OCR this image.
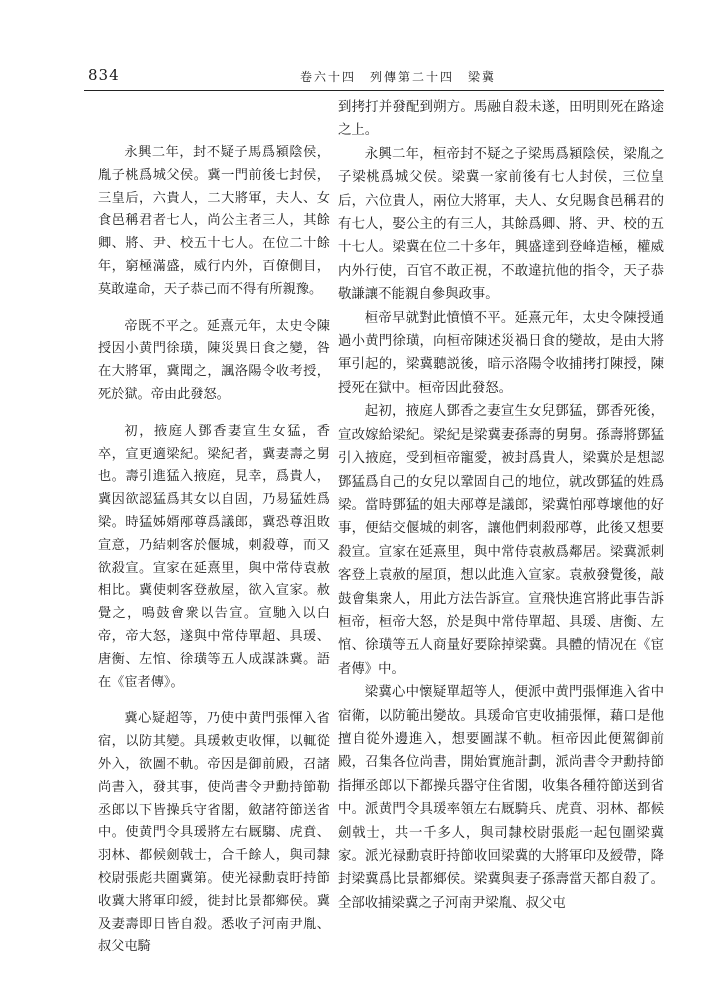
834	卷六十四　列傳第二十四　梁冀

永興二年，封不疑子馬爲潁陰侯，胤子桃爲城父侯。冀一門前後七封侯，三皇后，六貴人，二大將軍，夫人、女食邑稱君者七人，尚公主者三人，其餘卿、將、尹、校五十七人。在位二十餘年，窮極滿盛，威行内外，百僚側目，莫敢違命，天子恭己而不得有所親豫。

帝既不平之。延熹元年，太史令陳授因小黄門徐璜，陳災異日食之變，咎在大將軍，冀聞之，諷洛陽令收考授，死於獄。帝由此發怒。

初，掖庭人鄧香妻宣生女猛，香卒，宣更適梁紀。梁紀者，冀妻壽之舅也。壽引進猛入掖庭，見幸，爲貴人，冀因欲認猛爲其女以自固，乃易猛姓爲梁。時猛姊婿邴尊爲議郎，冀恐尊沮敗宣意，乃結刺客於偃城，刺殺尊，而又欲殺宣。宣家在延熹里，與中常侍袁赦相比。冀使刺客登赦屋，欲入宣家。赦覺之，鳴鼓會衆以告宣。宣馳入以白帝，帝大怒，遂與中常侍單超、具瑗、唐衡、左悺、徐璜等五人成謀誅冀。語在《宦者傳》。

冀心疑超等，乃使中黄門張惲入省宿，以防其變。具瑗敕吏收惲，以輒從外入，欲圖不軌。帝因是御前殿，召諸尚書入，發其事，使尚書令尹勳持節勒丞郎以下皆操兵守省閣，斂諸符節送省中。使黄門令具瑗將左右厩騶、虎賁、羽林、都候劍戟士，合千餘人，與司隸校尉張彪共圍冀第。使光禄勳袁盱持節收冀大將軍印綬，徙封比景都鄉侯。冀及妻壽即日皆自殺。悉收子河南尹胤、叔父屯騎

到拷打并發配到朔方。馬融自殺未遂，田明則死在路途之上。

永興二年，桓帝封不疑之子梁馬爲潁陰侯，梁胤之子梁桃爲城父侯。梁冀一家前後有七人封侯，三位皇后，六位貴人，兩位大將軍，夫人、女兒賜食邑稱君的有七人，娶公主的有三人，其餘爲卿、將、尹、校的五十七人。梁冀在位二十多年，興盛達到登峰造極，權威内外行使，百官不敢正視，不敢違抗他的指令，天子恭敬謙讓不能親自參與政事。

桓帝早就對此憤憤不平。延熹元年，太史令陳授通過小黄門徐璜，向桓帝陳述災禍日食的變故，是由大將軍引起的，梁冀聽説後，暗示洛陽令收捕拷打陳授，陳授死在獄中。桓帝因此發怒。

起初，掖庭人鄧香之妻宣生女兒鄧猛，鄧香死後，宣改嫁給梁紀。梁紀是梁冀妻孫壽的舅舅。孫壽將鄧猛引入掖庭，受到桓帝寵愛，被封爲貴人，梁冀於是想認鄧猛爲自己的女兒以鞏固自己的地位，就改鄧猛的姓爲梁。當時鄧猛的姐夫邴尊是議郎，梁冀怕邴尊壞他的好事，便結交偃城的刺客，讓他們刺殺邴尊，此後又想要殺宣。宣家在延熹里，與中常侍袁赦爲鄰居。梁冀派刺客登上袁赦的屋頂，想以此進入宣家。袁赦發覺後，敲鼓會集衆人，用此方法告訴宣。宣飛快進宮將此事告訴桓帝，桓帝大怒，於是與中常侍單超、具瑗、唐衡、左悺、徐璜等五人商量好要除掉梁冀。具體的情况在《宦者傳》中。

梁冀心中懷疑單超等人，便派中黄門張惲進入省中宿衛，以防範出變故。具瑗命官吏收捕張惲，藉口是他擅自從外邊進入，想要圖謀不軌。桓帝因此便駕御前殿，召集各位尚書，開始實施計劃，派尚書令尹勳持節指揮丞郎以下都操兵器守住省閣，收集各種符節送到省中。派黄門令具瑗率領左右厩騎兵、虎賁、羽林、都候劍戟士，共一千多人，與司隸校尉張彪一起包圍梁冀家。派光禄勳袁盱持節收回梁冀的大將軍印及綬帶，降封梁冀爲比景都鄉侯。梁冀與妻子孫壽當天都自殺了。全部收捕梁冀之子河南尹梁胤、叔父屯
